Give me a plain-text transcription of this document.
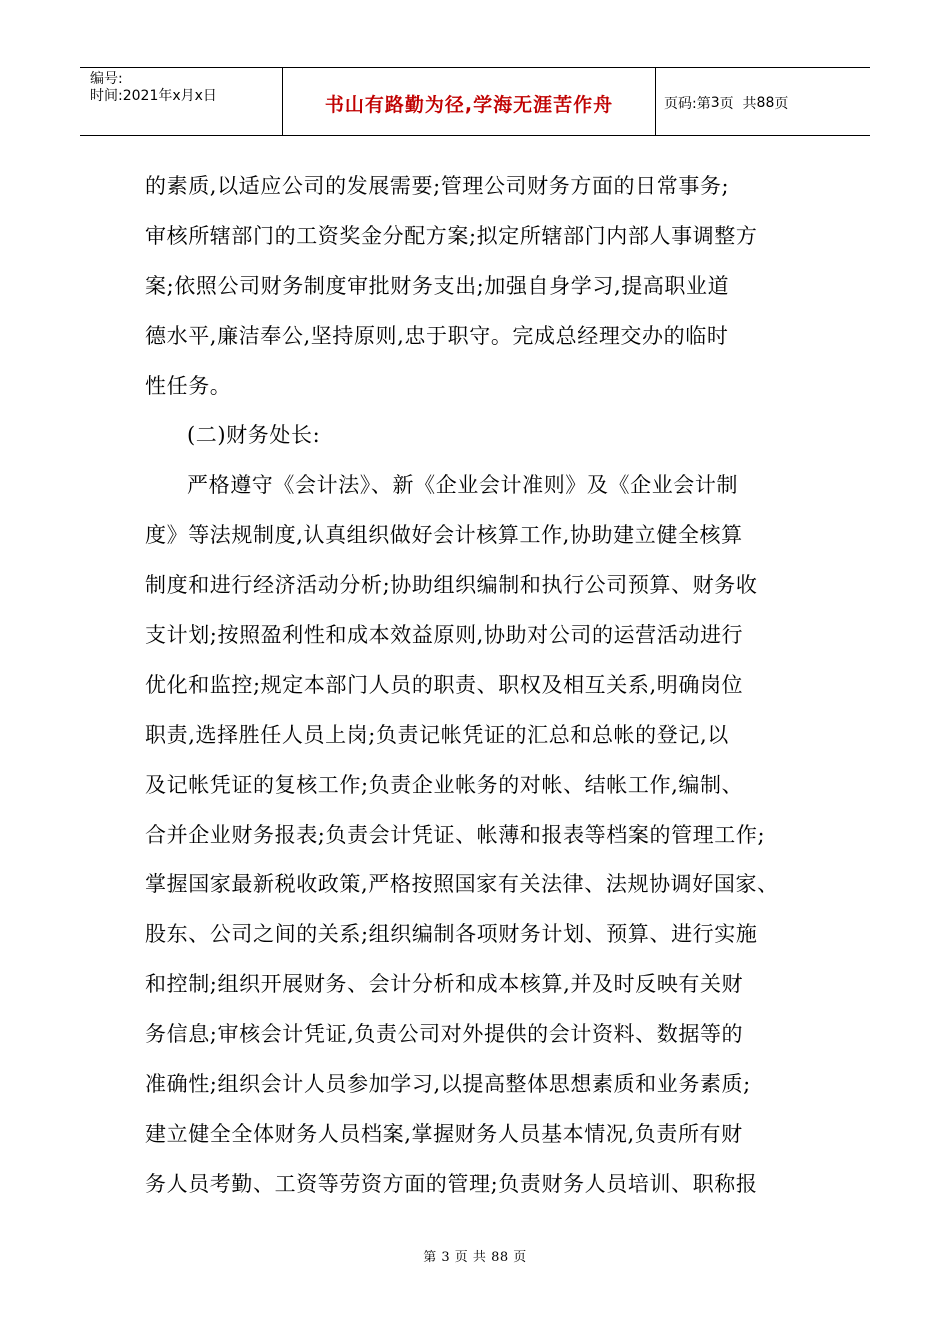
编号:
时间:2021年x月x日	书山有路勤为径,学海无涯苦作舟	页码:第 3 页  共 88 页
的素质,以适应公司的发展需要;管理公司财务方面的日常事务;
审核所辖部门的工资奖金分配方案;拟定所辖部门内部人事调整方
案;依照公司财务制度审批财务支出;加强自身学习,提高职业道
德水平,廉洁奉公,坚持原则,忠于职守。完成总经理交办的临时
性任务。
(二)财务处长:
严格遵守《会计法》、新《企业会计准则》及《企业会计制
度》等法规制度,认真组织做好会计核算工作,协助建立健全核算
制度和进行经济活动分析;协助组织编制和执行公司预算、财务收
支计划;按照盈利性和成本效益原则,协助对公司的运营活动进行
优化和监控;规定本部门人员的职责、职权及相互关系,明确岗位
职责,选择胜任人员上岗;负责记帐凭证的汇总和总帐的登记,以
及记帐凭证的复核工作;负责企业帐务的对帐、结帐工作,编制、
合并企业财务报表;负责会计凭证、帐薄和报表等档案的管理工作;
掌握国家最新税收政策,严格按照国家有关法律、法规协调好国家、
股东、公司之间的关系;组织编制各项财务计划、预算、进行实施
和控制;组织开展财务、会计分析和成本核算,并及时反映有关财
务信息;审核会计凭证,负责公司对外提供的会计资料、数据等的
准确性;组织会计人员参加学习,以提高整体思想素质和业务素质;
建立健全全体财务人员档案,掌握财务人员基本情况,负责所有财
务人员考勤、工资等劳资方面的管理;负责财务人员培训、职称报
第 3 页 共 88 页
